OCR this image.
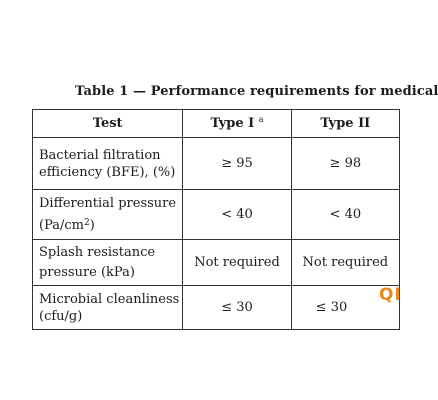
Table 1 — Performance requirements for medical
Test	Type I $^a$	Type II
Bacterial filtration
efficiency (BFE), (%)	≥ 95	≥ 98
Differential pressure
$(Pa/cm^2)$	< 40	< 40
Splash resistance
pressure (kPa)	Not required	Not required
Microbial cleanliness
(cfu/g)	≤ 30	≤ 30
QI
